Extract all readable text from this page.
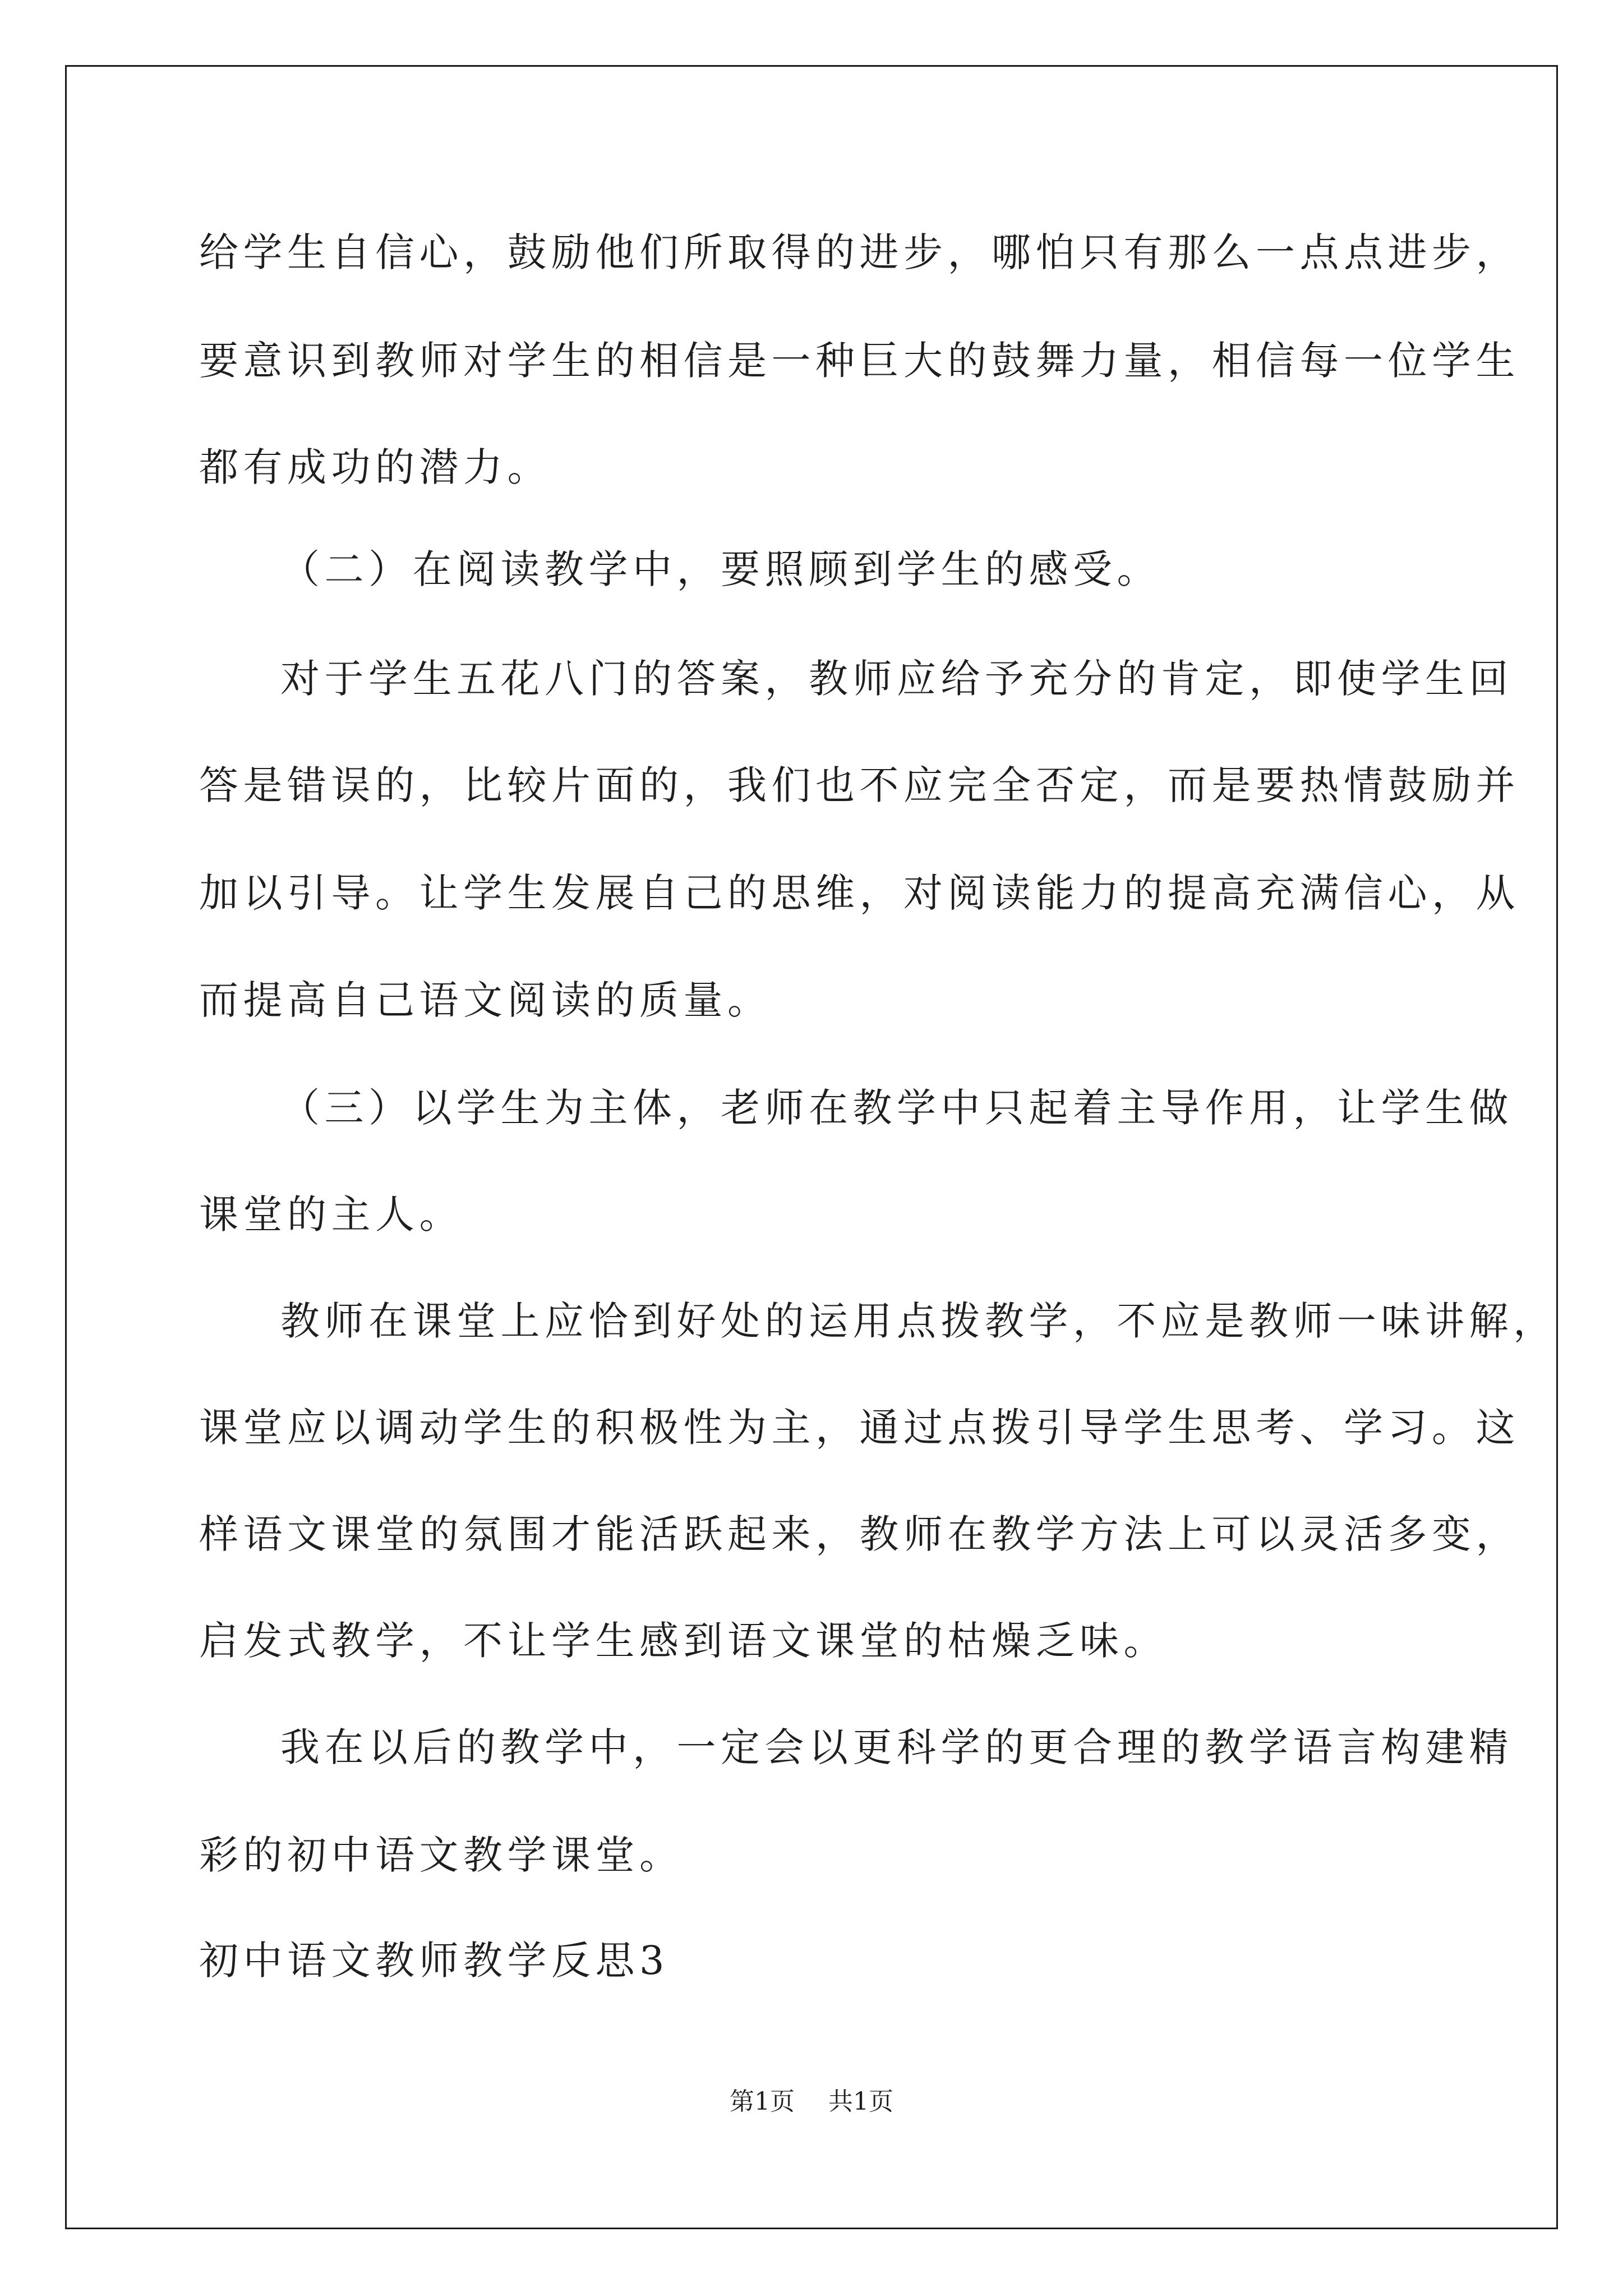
给学生自信心，鼓励他们所取得的进步，哪怕只有那么一点点进步，
要意识到教师对学生的相信是一种巨大的鼓舞力量，相信每一位学生
都有成功的潜力。
（二）在阅读教学中，要照顾到学生的感受。
对于学生五花八门的答案，教师应给予充分的肯定，即使学生回
答是错误的，比较片面的，我们也不应完全否定，而是要热情鼓励并
加以引导。让学生发展自己的思维，对阅读能力的提高充满信心，从
而提高自己语文阅读的质量。
（三）以学生为主体，老师在教学中只起着主导作用，让学生做
课堂的主人。
教师在课堂上应恰到好处的运用点拨教学，不应是教师一味讲解，
课堂应以调动学生的积极性为主，通过点拨引导学生思考、学习。这
样语文课堂的氛围才能活跃起来，教师在教学方法上可以灵活多变，
启发式教学，不让学生感到语文课堂的枯燥乏味。
我在以后的教学中，一定会以更科学的更合理的教学语言构建精
彩的初中语文教学课堂。
初中语文教师教学反思3
第1页 共1页
